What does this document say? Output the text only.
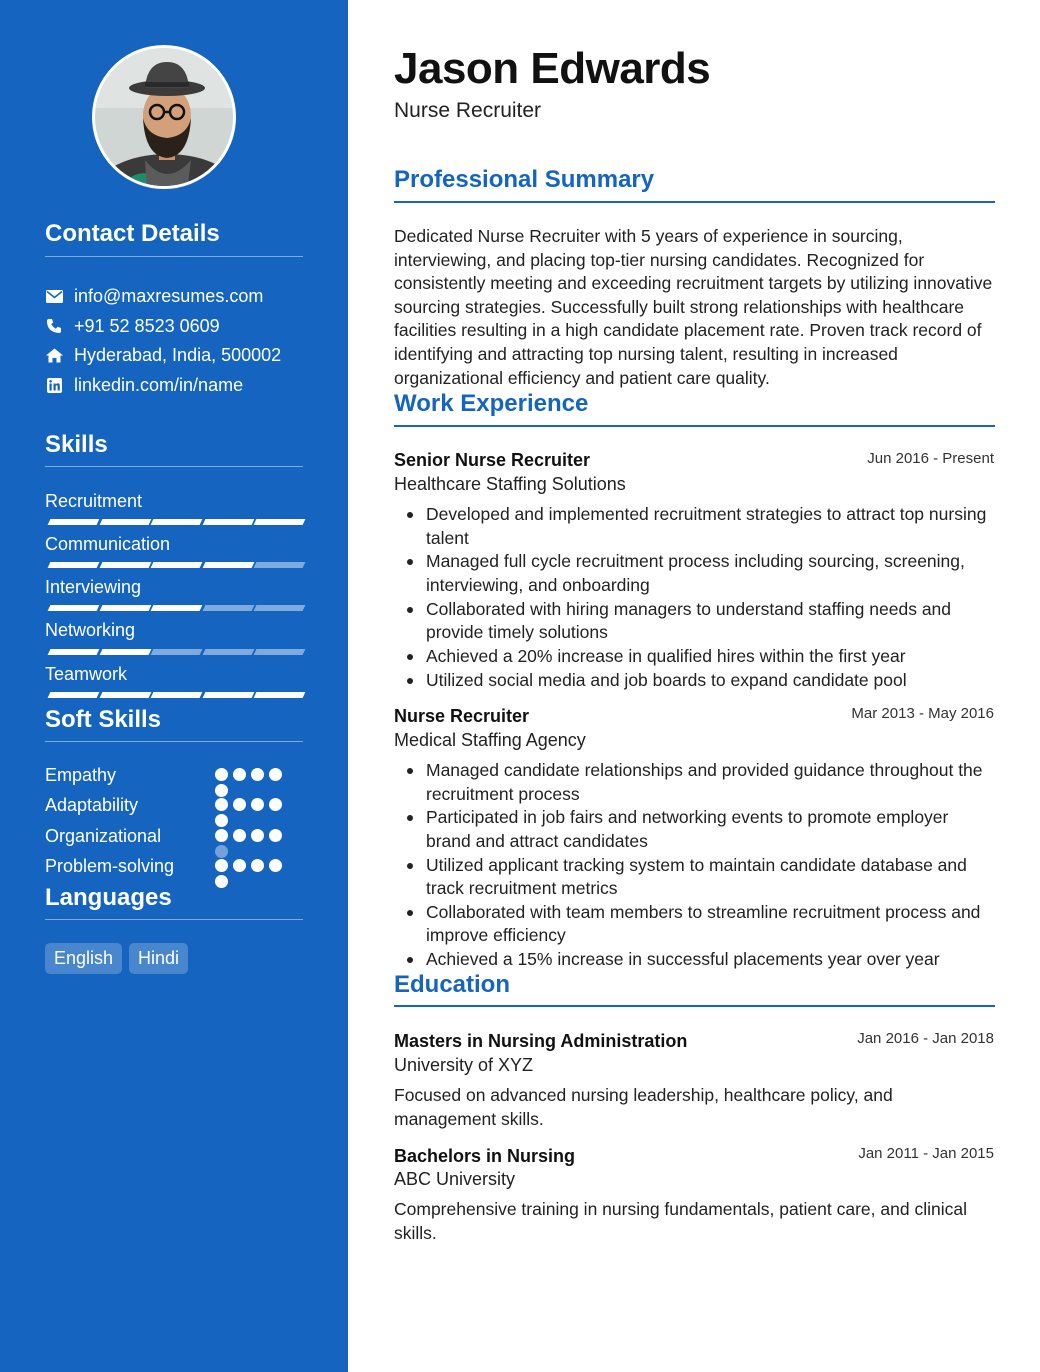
Contact Details
info@maxresumes.com
+91 52 8523 0609
Hyderabad, India, 500002
linkedin.com/in/name
Skills
Recruitment
Communication
Interviewing
Networking
Teamwork
Soft Skills
Empathy
Adaptability
Organizational
Problem-solving
Languages
English	Hindi
Jason Edwards
Nurse Recruiter
Professional Summary
Dedicated Nurse Recruiter with 5 years of experience in sourcing, interviewing, and placing top-tier nursing candidates. Recognized for consistently meeting and exceeding recruitment targets by utilizing innovative sourcing strategies. Successfully built strong relationships with healthcare facilities resulting in a high candidate placement rate. Proven track record of identifying and attracting top nursing talent, resulting in increased organizational efficiency and patient care quality.
Work Experience
Senior Nurse Recruiter	Jun 2016 - Present
Healthcare Staffing Solutions
Developed and implemented recruitment strategies to attract top nursing talent
Managed full cycle recruitment process including sourcing, screening, interviewing, and onboarding
Collaborated with hiring managers to understand staffing needs and provide timely solutions
Achieved a 20% increase in qualified hires within the first year
Utilized social media and job boards to expand candidate pool
Nurse Recruiter	Mar 2013 - May 2016
Medical Staffing Agency
Managed candidate relationships and provided guidance throughout the recruitment process
Participated in job fairs and networking events to promote employer brand and attract candidates
Utilized applicant tracking system to maintain candidate database and track recruitment metrics
Collaborated with team members to streamline recruitment process and improve efficiency
Achieved a 15% increase in successful placements year over year
Education
Masters in Nursing Administration	Jan 2016 - Jan 2018
University of XYZ
Focused on advanced nursing leadership, healthcare policy, and management skills.
Bachelors in Nursing	Jan 2011 - Jan 2015
ABC University
Comprehensive training in nursing fundamentals, patient care, and clinical skills.
